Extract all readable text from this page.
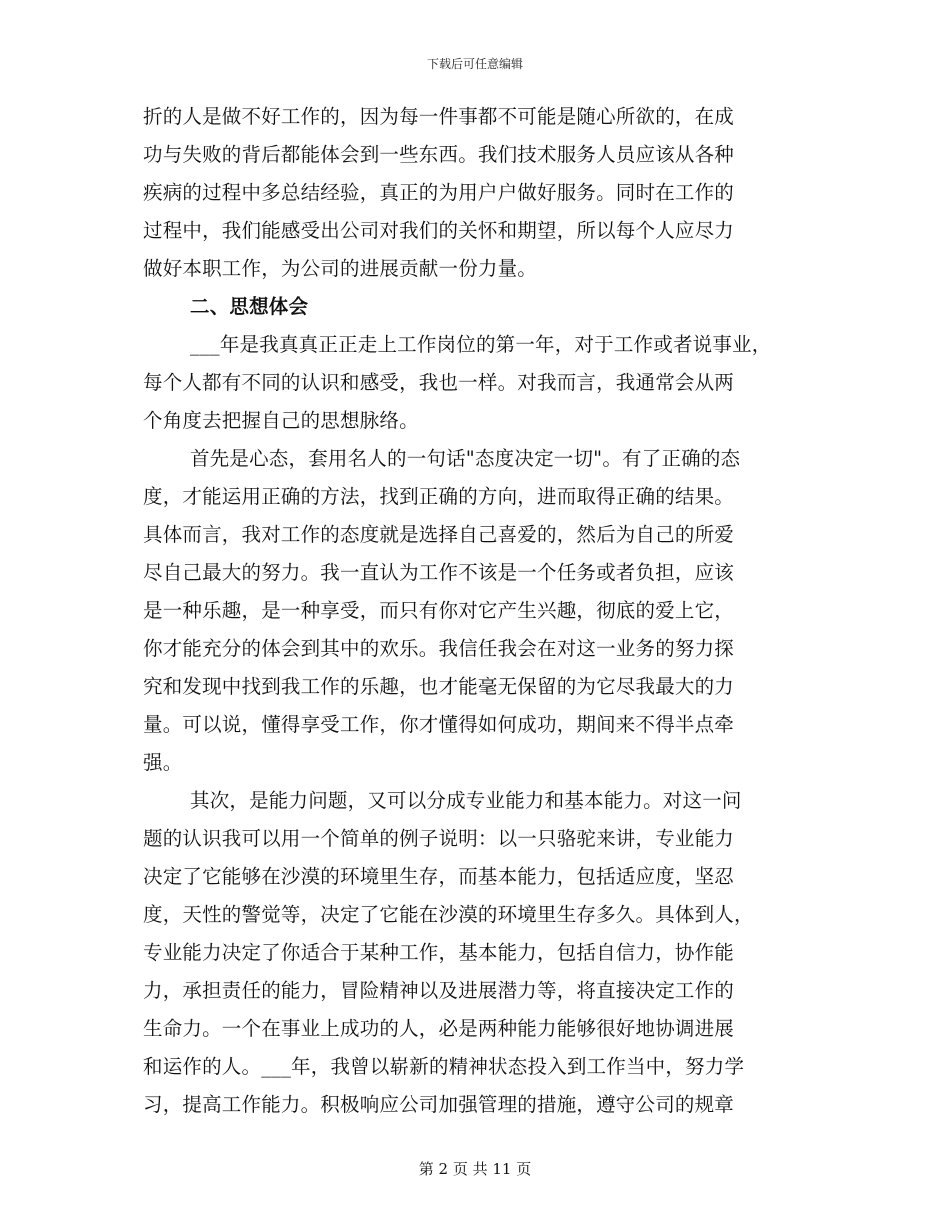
下载后可任意编辑
折的人是做不好工作的，因为每一件事都不可能是随心所欲的，在成
功与失败的背后都能体会到一些东西。我们技术服务人员应该从各种
疾病的过程中多总结经验，真正的为用户户做好服务。同时在工作的
过程中，我们能感受出公司对我们的关怀和期望，所以每个人应尽力
做好本职工作，为公司的进展贡献一份力量。
二、思想体会
___年是我真真正正走上工作岗位的第一年，对于工作或者说事业，
每个人都有不同的认识和感受，我也一样。对我而言，我通常会从两
个角度去把握自己的思想脉络。
首先是心态，套用名人的一句话"态度决定一切"。有了正确的态
度，才能运用正确的方法，找到正确的方向，进而取得正确的结果。
具体而言，我对工作的态度就是选择自己喜爱的，然后为自己的所爱
尽自己最大的努力。我一直认为工作不该是一个任务或者负担，应该
是一种乐趣，是一种享受，而只有你对它产生兴趣，彻底的爱上它，
你才能充分的体会到其中的欢乐。我信任我会在对这一业务的努力探
究和发现中找到我工作的乐趣，也才能毫无保留的为它尽我最大的力
量。可以说，懂得享受工作，你才懂得如何成功，期间来不得半点牵
强。
其次，是能力问题，又可以分成专业能力和基本能力。对这一问
题的认识我可以用一个简单的例子说明：以一只骆驼来讲，专业能力
决定了它能够在沙漠的环境里生存，而基本能力，包括适应度，坚忍
度，天性的警觉等，决定了它能在沙漠的环境里生存多久。具体到人，
专业能力决定了你适合于某种工作，基本能力，包括自信力，协作能
力，承担责任的能力，冒险精神以及进展潜力等，将直接决定工作的
生命力。一个在事业上成功的人，必是两种能力能够很好地协调进展
和运作的人。___年，我曾以崭新的精神状态投入到工作当中，努力学
习，提高工作能力。积极响应公司加强管理的措施，遵守公司的规章
第 2 页 共 11 页
